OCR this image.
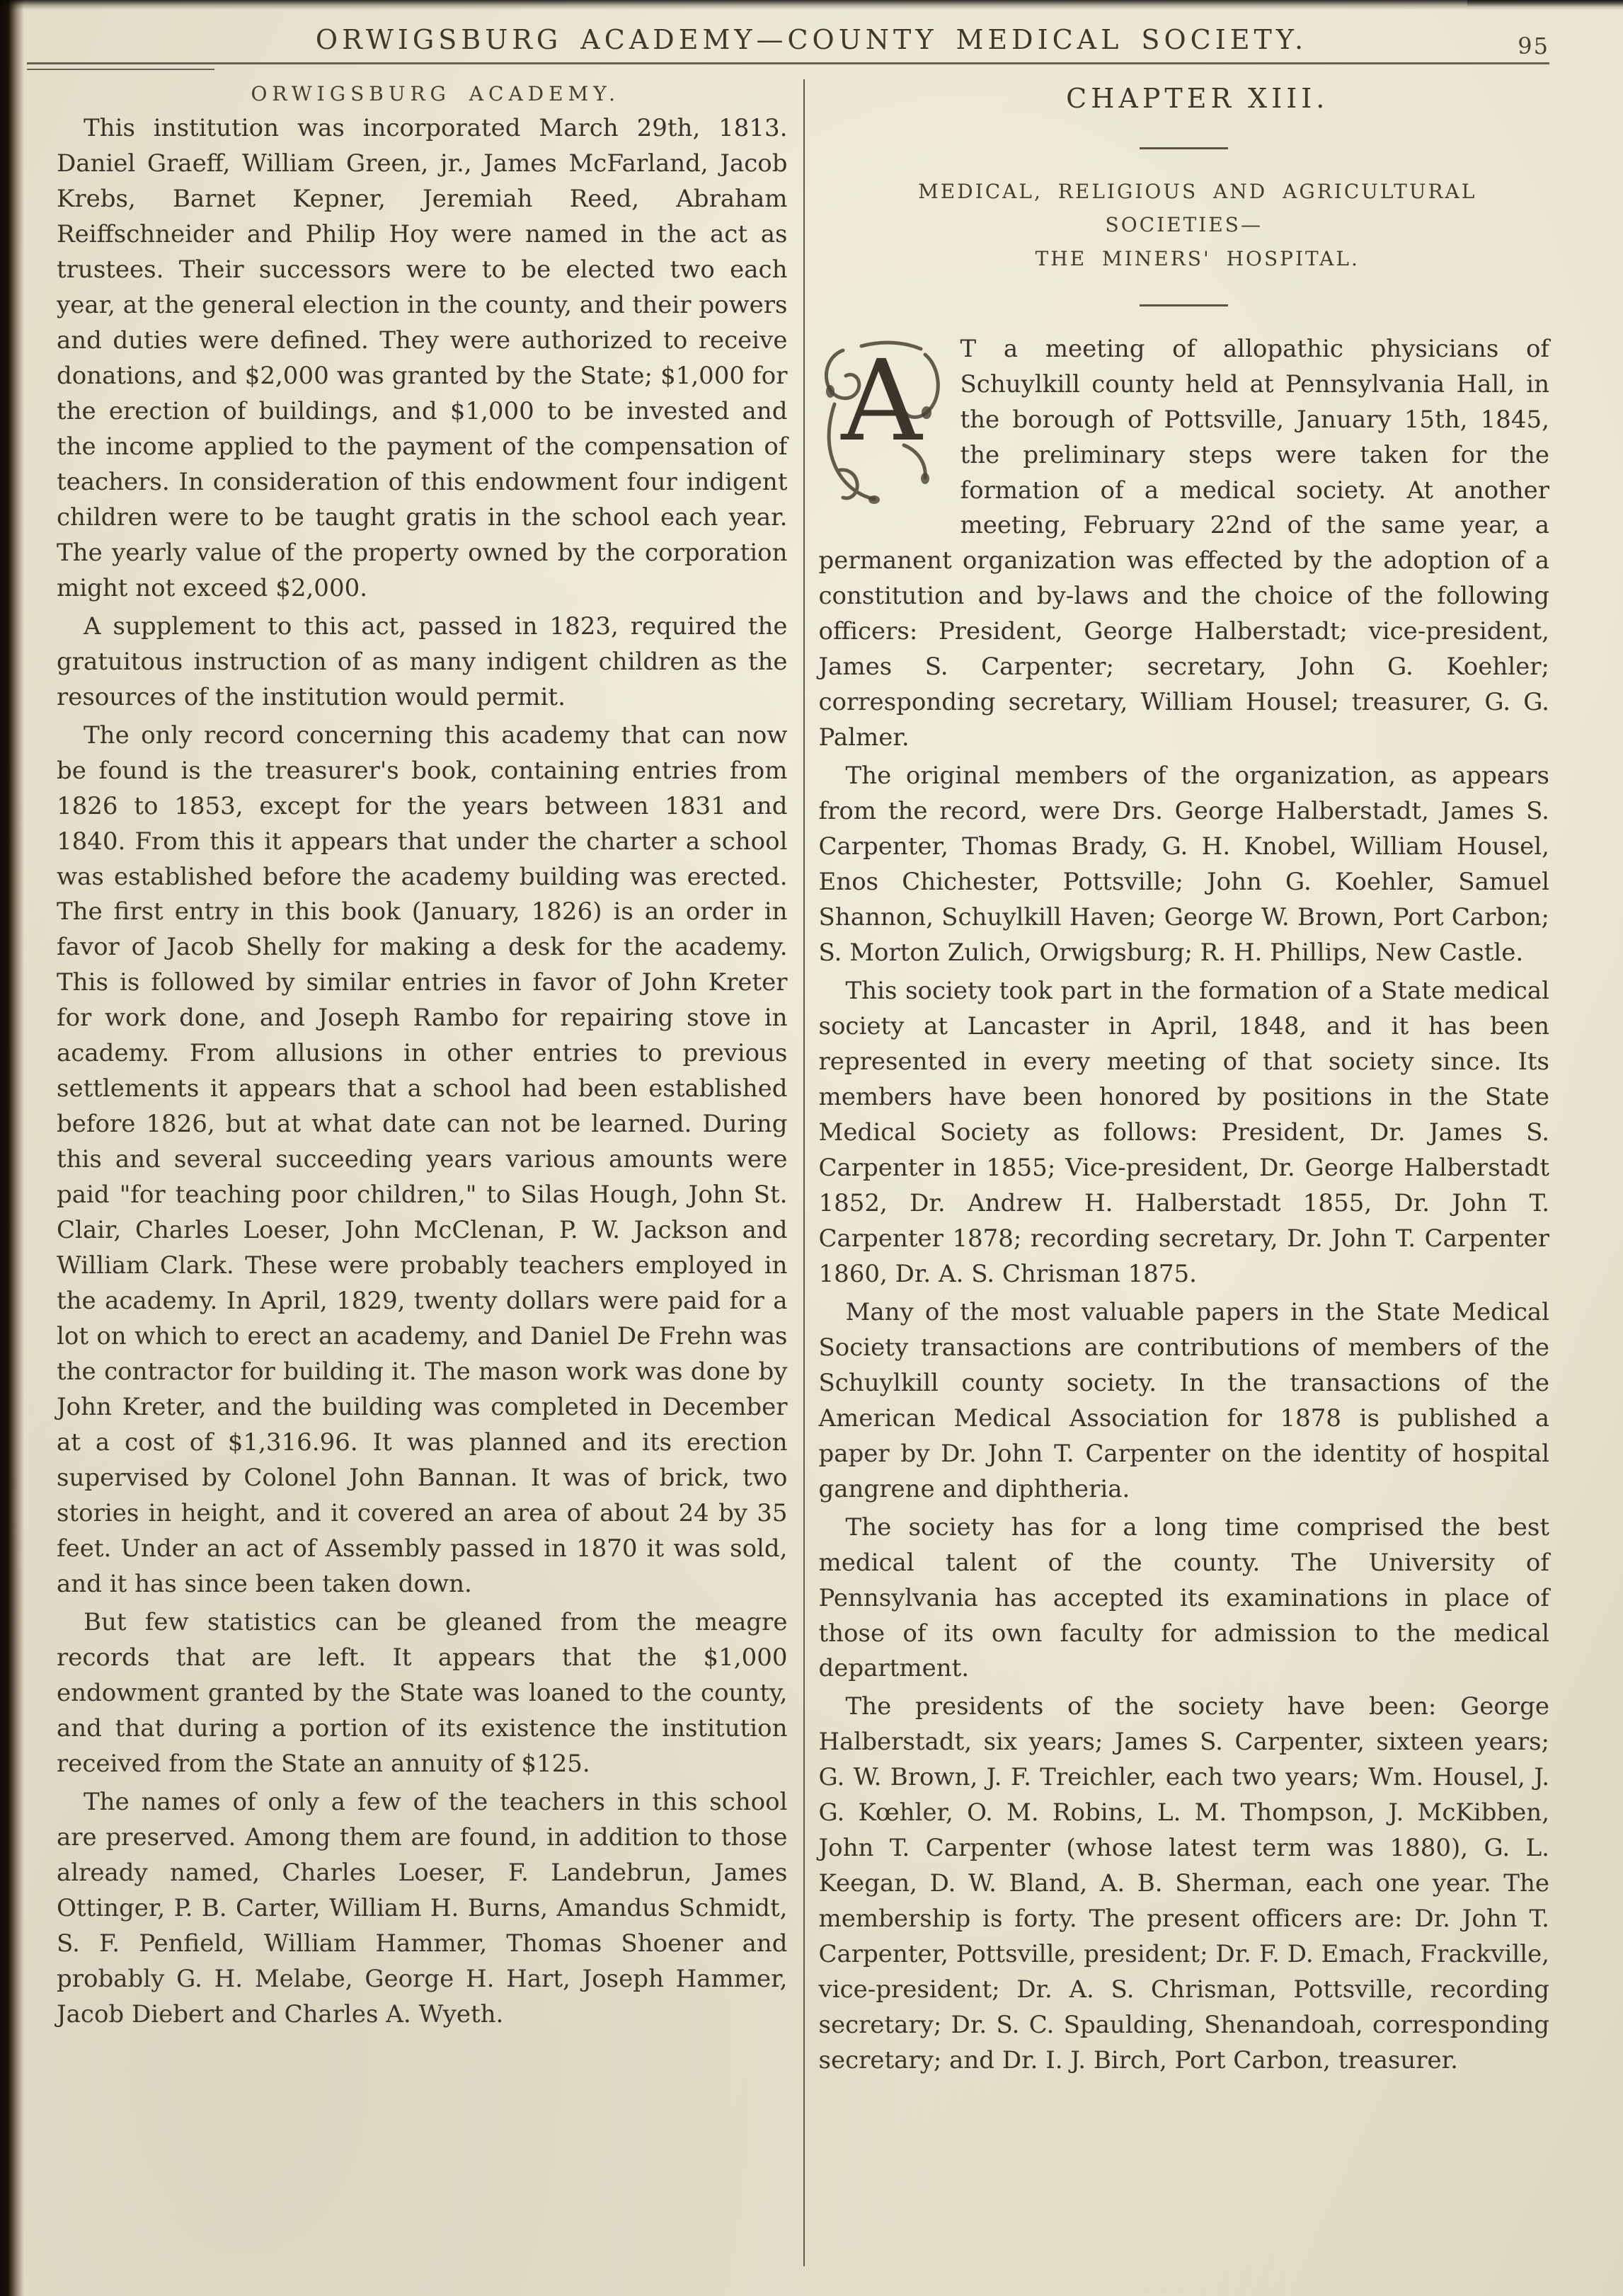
ORWIGSBURG ACADEMY—COUNTY MEDICAL SOCIETY.	95

ORWIGSBURG ACADEMY.

This institution was incorporated March 29th, 1813. Daniel Graeff, William Green, jr., James McFarland, Jacob Krebs, Barnet Kepner, Jeremiah Reed, Abraham Reiffschneider and Philip Hoy were named in the act as trustees. Their successors were to be elected two each year, at the general election in the county, and their powers and duties were defined. They were authorized to receive donations, and $2,000 was granted by the State; $1,000 for the erection of buildings, and $1,000 to be invested and the income applied to the payment of the compensation of teachers. In consideration of this endowment four indigent children were to be taught gratis in the school each year. The yearly value of the property owned by the corporation might not exceed $2,000.

A supplement to this act, passed in 1823, required the gratuitous instruction of as many indigent children as the resources of the institution would permit.

The only record concerning this academy that can now be found is the treasurer's book, containing entries from 1826 to 1853, except for the years between 1831 and 1840. From this it appears that under the charter a school was established before the academy building was erected. The first entry in this book (January, 1826) is an order in favor of Jacob Shelly for making a desk for the academy. This is followed by similar entries in favor of John Kreter for work done, and Joseph Rambo for repairing stove in academy. From allusions in other entries to previous settlements it appears that a school had been established before 1826, but at what date can not be learned. During this and several succeeding years various amounts were paid "for teaching poor children," to Silas Hough, John St. Clair, Charles Loeser, John McClenan, P. W. Jackson and William Clark. These were probably teachers employed in the academy. In April, 1829, twenty dollars were paid for a lot on which to erect an academy, and Daniel De Frehn was the contractor for building it. The mason work was done by John Kreter, and the building was completed in December at a cost of $1,316.96. It was planned and its erection supervised by Colonel John Bannan. It was of brick, two stories in height, and it covered an area of about 24 by 35 feet. Under an act of Assembly passed in 1870 it was sold, and it has since been taken down.

But few statistics can be gleaned from the meagre records that are left. It appears that the $1,000 endowment granted by the State was loaned to the county, and that during a portion of its existence the institution received from the State an annuity of $125.

The names of only a few of the teachers in this school are preserved. Among them are found, in addition to those already named, Charles Loeser, F. Landebrun, James Ottinger, P. B. Carter, William H. Burns, Amandus Schmidt, S. F. Penfield, William Hammer, Thomas Shoener and probably G. H. Melabe, George H. Hart, Joseph Hammer, Jacob Diebert and Charles A. Wyeth.

CHAPTER XIII.

MEDICAL, RELIGIOUS AND AGRICULTURAL SOCIETIES—
THE MINERS' HOSPITAL.

A T a meeting of allopathic physicians of Schuylkill county held at Pennsylvania Hall, in the borough of Pottsville, January 15th, 1845, the preliminary steps were taken for the formation of a medical society. At another meeting, February 22nd of the same year, a permanent organization was effected by the adoption of a constitution and by-laws and the choice of the following officers: President, George Halberstadt; vice-president, James S. Carpenter; secretary, John G. Koehler; corresponding secretary, William Housel; treasurer, G. G. Palmer.

The original members of the organization, as appears from the record, were Drs. George Halberstadt, James S. Carpenter, Thomas Brady, G. H. Knobel, William Housel, Enos Chichester, Pottsville; John G. Koehler, Samuel Shannon, Schuylkill Haven; George W. Brown, Port Carbon; S. Morton Zulich, Orwigsburg; R. H. Phillips, New Castle.

This society took part in the formation of a State medical society at Lancaster in April, 1848, and it has been represented in every meeting of that society since. Its members have been honored by positions in the State Medical Society as follows: President, Dr. James S. Carpenter in 1855; Vice-president, Dr. George Halberstadt 1852, Dr. Andrew H. Halberstadt 1855, Dr. John T. Carpenter 1878; recording secretary, Dr. John T. Carpenter 1860, Dr. A. S. Chrisman 1875.

Many of the most valuable papers in the State Medical Society transactions are contributions of members of the Schuylkill county society. In the transactions of the American Medical Association for 1878 is published a paper by Dr. John T. Carpenter on the identity of hospital gangrene and diphtheria.

The society has for a long time comprised the best medical talent of the county. The University of Pennsylvania has accepted its examinations in place of those of its own faculty for admission to the medical department.

The presidents of the society have been: George Halberstadt, six years; James S. Carpenter, sixteen years; G. W. Brown, J. F. Treichler, each two years; Wm. Housel, J. G. Kœhler, O. M. Robins, L. M. Thompson, J. McKibben, John T. Carpenter (whose latest term was 1880), G. L. Keegan, D. W. Bland, A. B. Sherman, each one year. The membership is forty. The present officers are: Dr. John T. Carpenter, Pottsville, president; Dr. F. D. Emach, Frackville, vice-president; Dr. A. S. Chrisman, Pottsville, recording secretary; Dr. S. C. Spaulding, Shenandoah, corresponding secretary; and Dr. I. J. Birch, Port Carbon, treasurer.
